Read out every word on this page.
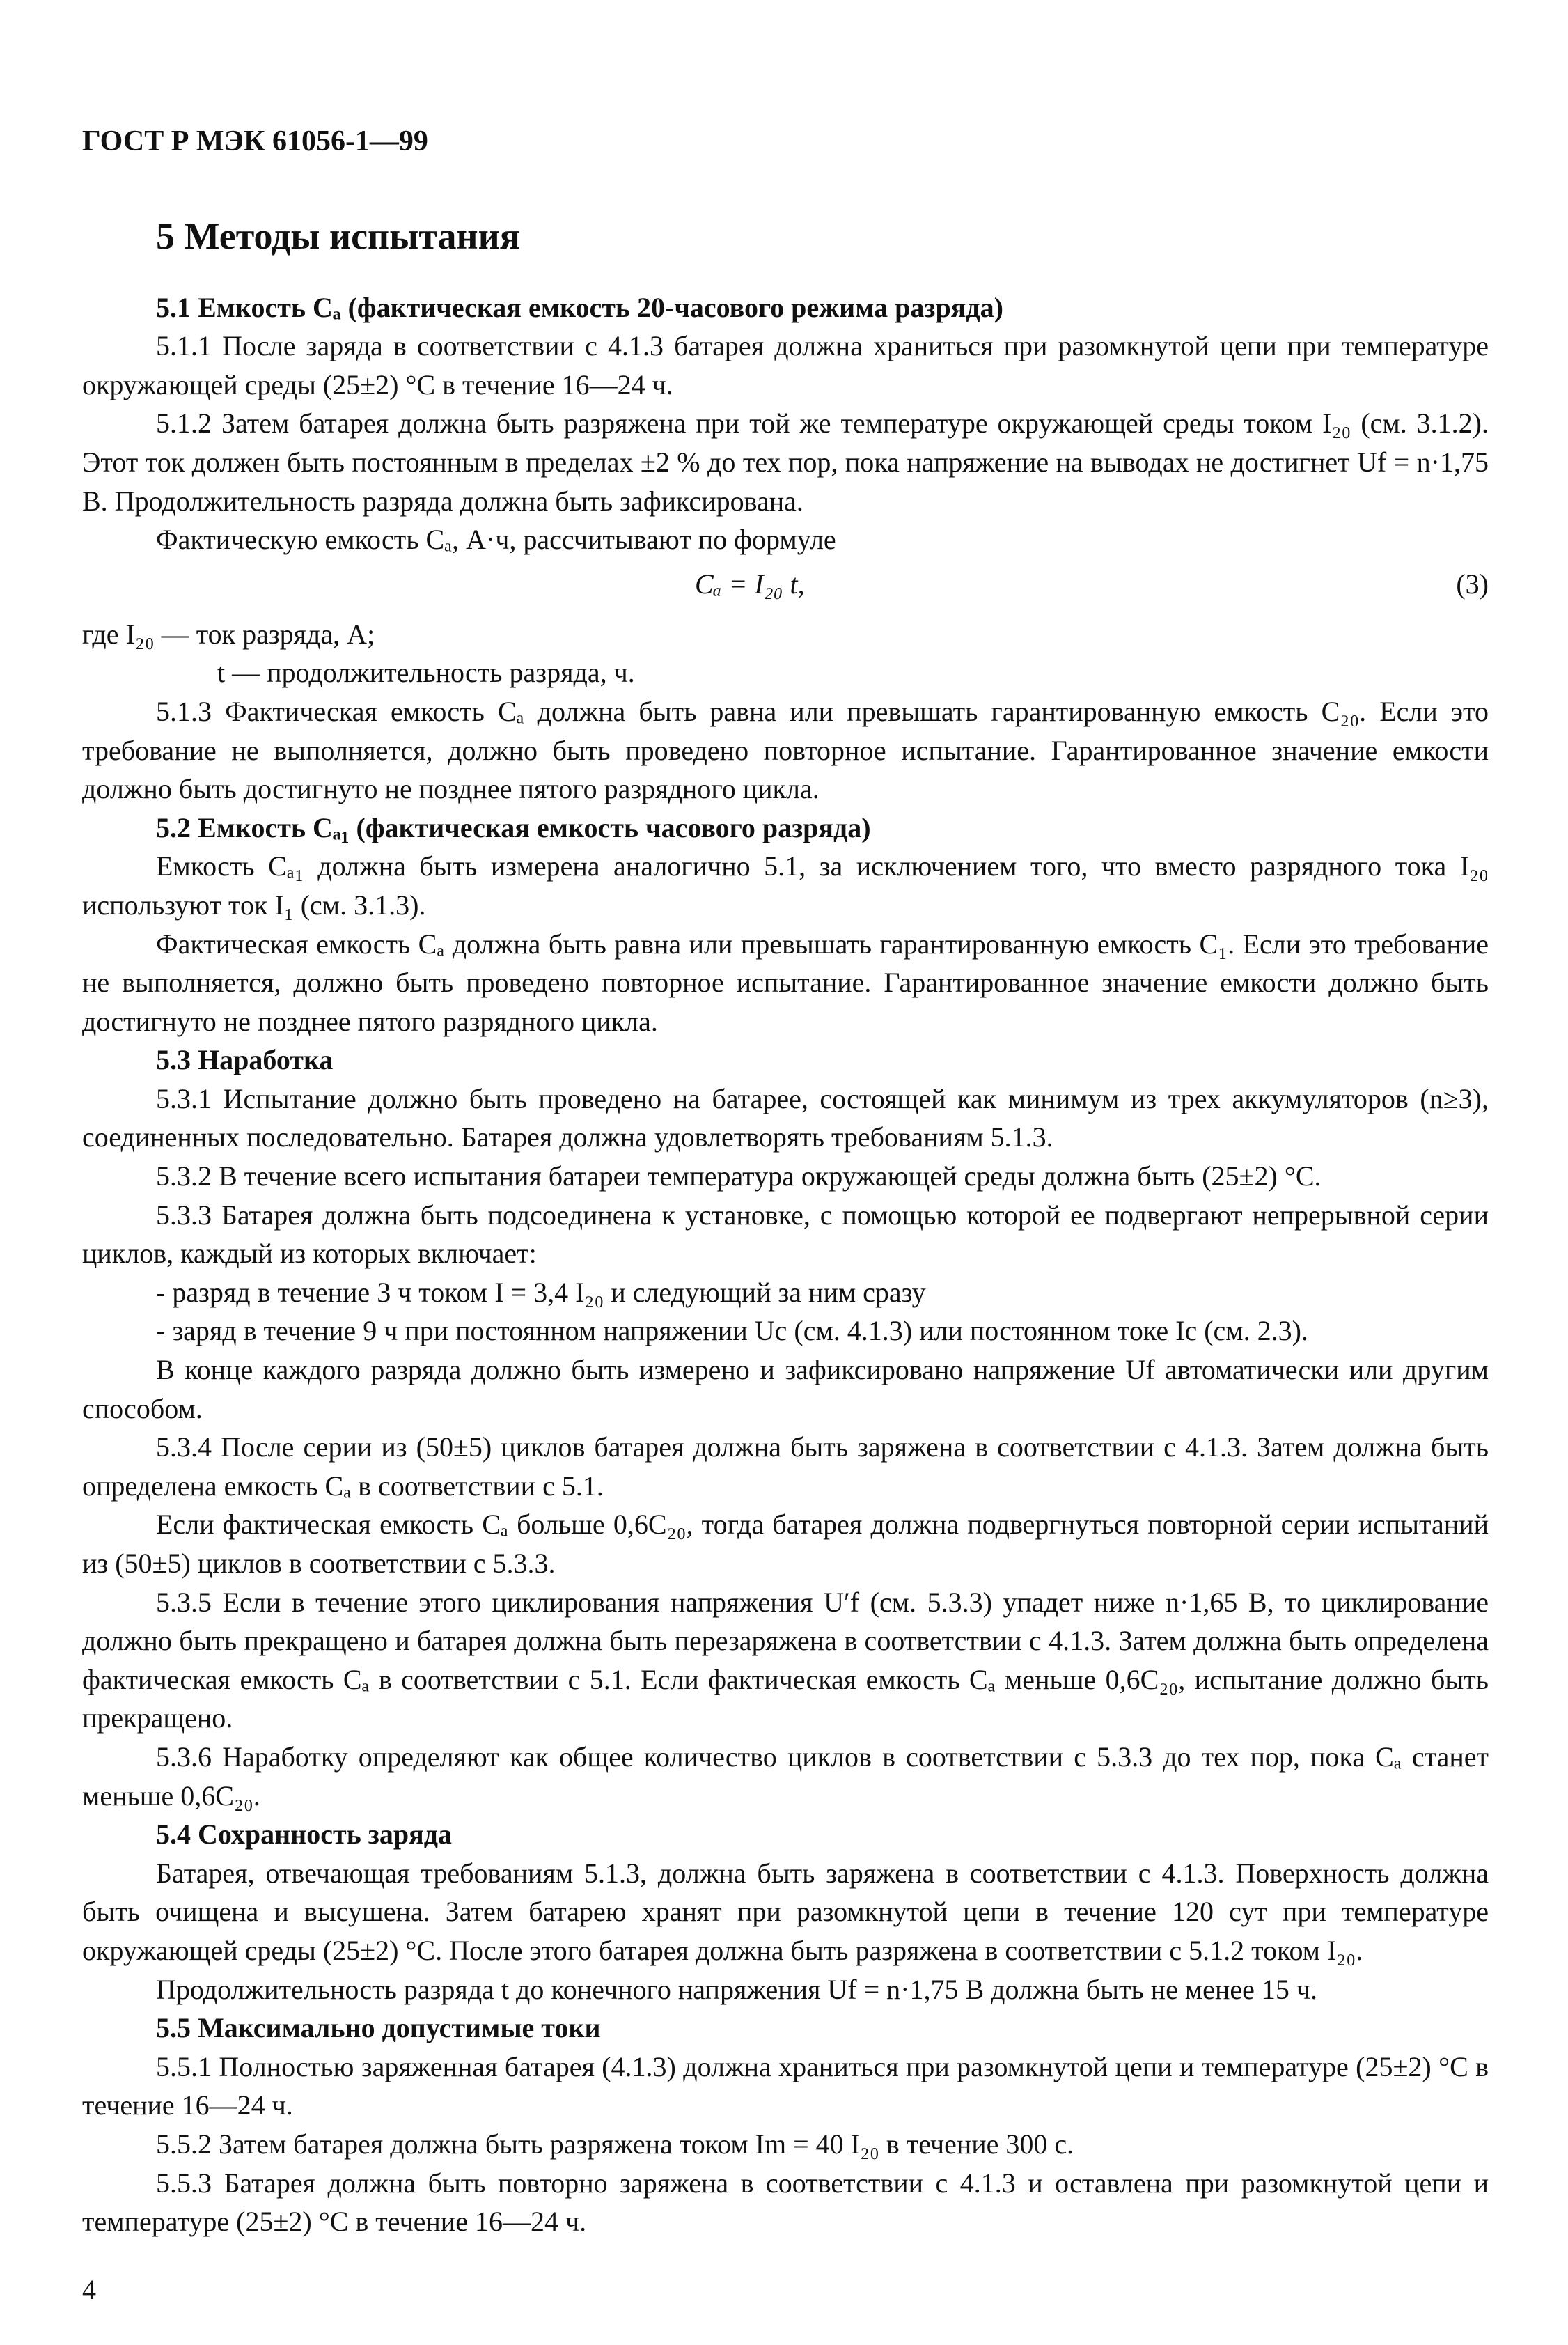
ГОСТ Р МЭК 61056-1—99
5 Методы испытания

5.1 Емкость Cₐ (фактическая емкость 20-часового режима разряда)

5.1.1 После заряда в соответствии с 4.1.3 батарея должна храниться при разомкнутой цепи при температуре окружающей среды (25±2) °С в течение 16—24 ч.

5.1.2 Затем батарея должна быть разряжена при той же температуре окружающей среды током I₂₀ (см. 3.1.2). Этот ток должен быть постоянным в пределах ±2 % до тех пор, пока напряжение на выводах не достигнет Uf = n·1,75 В. Продолжительность разряда должна быть зафиксирована.

Фактическую емкость Cₐ, А·ч, рассчитывают по формуле

Cₐ = I₂₀ t,	(3)

где I₂₀ — ток разряда, А;

t — продолжительность разряда, ч.

5.1.3 Фактическая емкость Cₐ должна быть равна или превышать гарантированную емкость C₂₀. Если это требование не выполняется, должно быть проведено повторное испытание. Гарантированное значение емкости должно быть достигнуто не позднее пятого разрядного цикла.

5.2 Емкость Cₐ₁ (фактическая емкость часового разряда)

Емкость Cₐ₁ должна быть измерена аналогично 5.1, за исключением того, что вместо разрядного тока I₂₀ используют ток I₁ (см. 3.1.3).

Фактическая емкость Cₐ должна быть равна или превышать гарантированную емкость C₁. Если это требование не выполняется, должно быть проведено повторное испытание. Гарантированное значение емкости должно быть достигнуто не позднее пятого разрядного цикла.

5.3 Наработка

5.3.1 Испытание должно быть проведено на батарее, состоящей как минимум из трех аккумуляторов (n≥3), соединенных последовательно. Батарея должна удовлетворять требованиям 5.1.3.

5.3.2 В течение всего испытания батареи температура окружающей среды должна быть (25±2) °С.

5.3.3 Батарея должна быть подсоединена к установке, с помощью которой ее подвергают непрерывной серии циклов, каждый из которых включает:

- разряд в течение 3 ч током I = 3,4 I₂₀ и следующий за ним сразу

- заряд в течение 9 ч при постоянном напряжении Uc (см. 4.1.3) или постоянном токе Ic (см. 2.3).

В конце каждого разряда должно быть измерено и зафиксировано напряжение Uf автоматически или другим способом.

5.3.4 После серии из (50±5) циклов батарея должна быть заряжена в соответствии с 4.1.3. Затем должна быть определена емкость Cₐ в соответствии с 5.1.

Если фактическая емкость Cₐ больше 0,6C₂₀, тогда батарея должна подвергнуться повторной серии испытаний из (50±5) циклов в соответствии с 5.3.3.

5.3.5 Если в течение этого циклирования напряжения U′f (см. 5.3.3) упадет ниже n·1,65 В, то циклирование должно быть прекращено и батарея должна быть перезаряжена в соответствии с 4.1.3. Затем должна быть определена фактическая емкость Cₐ в соответствии с 5.1. Если фактическая емкость Cₐ меньше 0,6C₂₀, испытание должно быть прекращено.

5.3.6 Наработку определяют как общее количество циклов в соответствии с 5.3.3 до тех пор, пока Cₐ станет меньше 0,6C₂₀.

5.4 Сохранность заряда

Батарея, отвечающая требованиям 5.1.3, должна быть заряжена в соответствии с 4.1.3. Поверхность должна быть очищена и высушена. Затем батарею хранят при разомкнутой цепи в течение 120 сут при температуре окружающей среды (25±2) °С. После этого батарея должна быть разряжена в соответствии с 5.1.2 током I₂₀.

Продолжительность разряда t до конечного напряжения Uf = n·1,75 В должна быть не менее 15 ч.

5.5 Максимально допустимые токи

5.5.1 Полностью заряженная батарея (4.1.3) должна храниться при разомкнутой цепи и температуре (25±2) °С в течение 16—24 ч.

5.5.2 Затем батарея должна быть разряжена током Im = 40 I₂₀ в течение 300 с.

5.5.3 Батарея должна быть повторно заряжена в соответствии с 4.1.3 и оставлена при разомкнутой цепи и температуре (25±2) °С в течение 16—24 ч.

4
